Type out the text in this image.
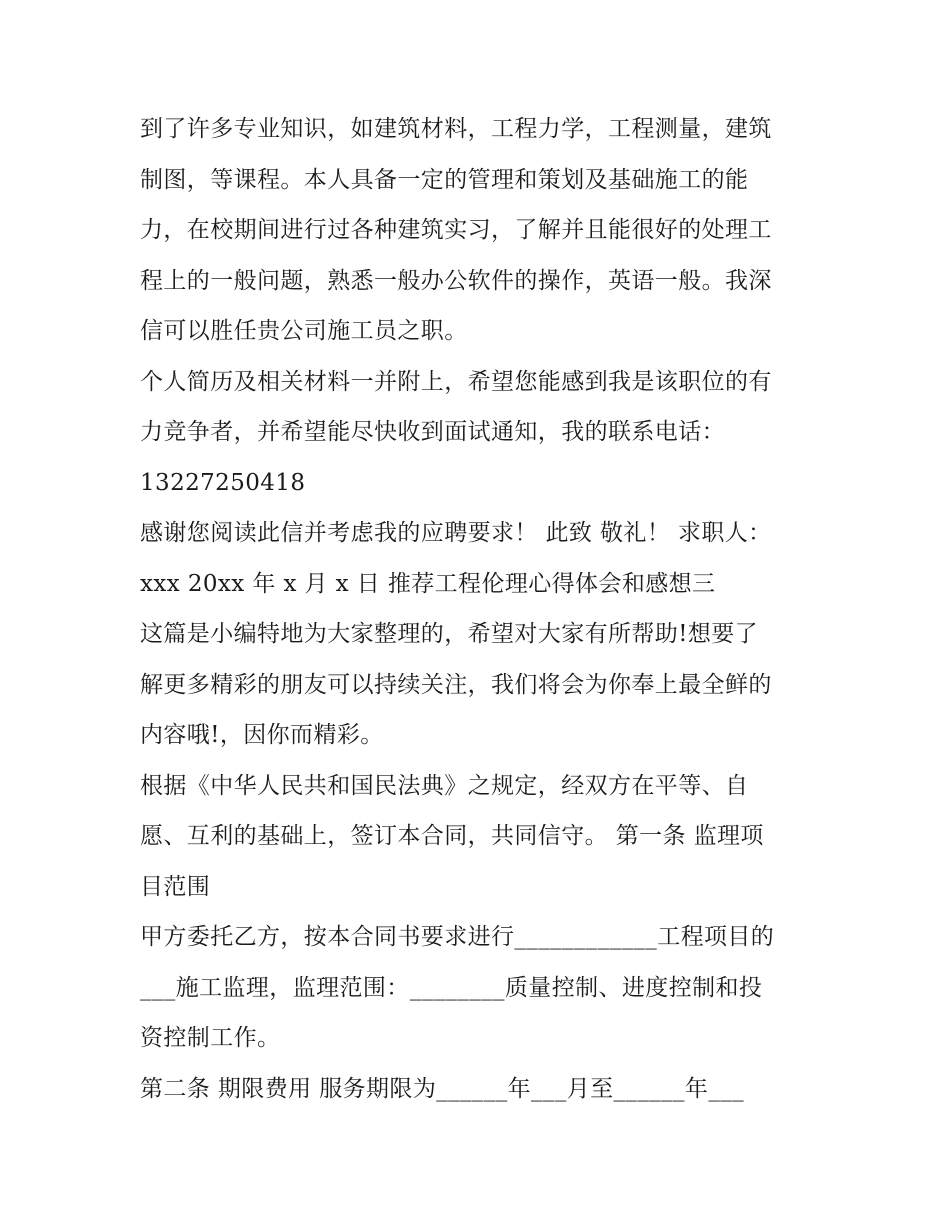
到了许多专业知识，如建筑材料，工程力学，工程测量，建筑
制图，等课程。本人具备一定的管理和策划及基础施工的能
力，在校期间进行过各种建筑实习，了解并且能很好的处理工
程上的一般问题，熟悉一般办公软件的操作，英语一般。我深
信可以胜任贵公司施工员之职。
个人简历及相关材料一并附上，希望您能感到我是该职位的有
力竞争者，并希望能尽快收到面试通知，我的联系电话：
13227250418
感谢您阅读此信并考虑我的应聘要求！ 此致 敬礼！ 求职人：
xxx 20xx 年 x 月 x 日 推荐工程伦理心得体会和感想三
这篇是小编特地为大家整理的，希望对大家有所帮助!想要了
解更多精彩的朋友可以持续关注，我们将会为你奉上最全鲜的
内容哦!，因你而精彩。
根据《中华人民共和国民法典》之规定，经双方在平等、自
愿、互利的基础上，签订本合同，共同信守。 第一条 监理项
目范围
甲方委托乙方，按本合同书要求进行____________工程项目的
___施工监理，监理范围：________质量控制、进度控制和投
资控制工作。
第二条 期限费用 服务期限为______年___月至______年___
